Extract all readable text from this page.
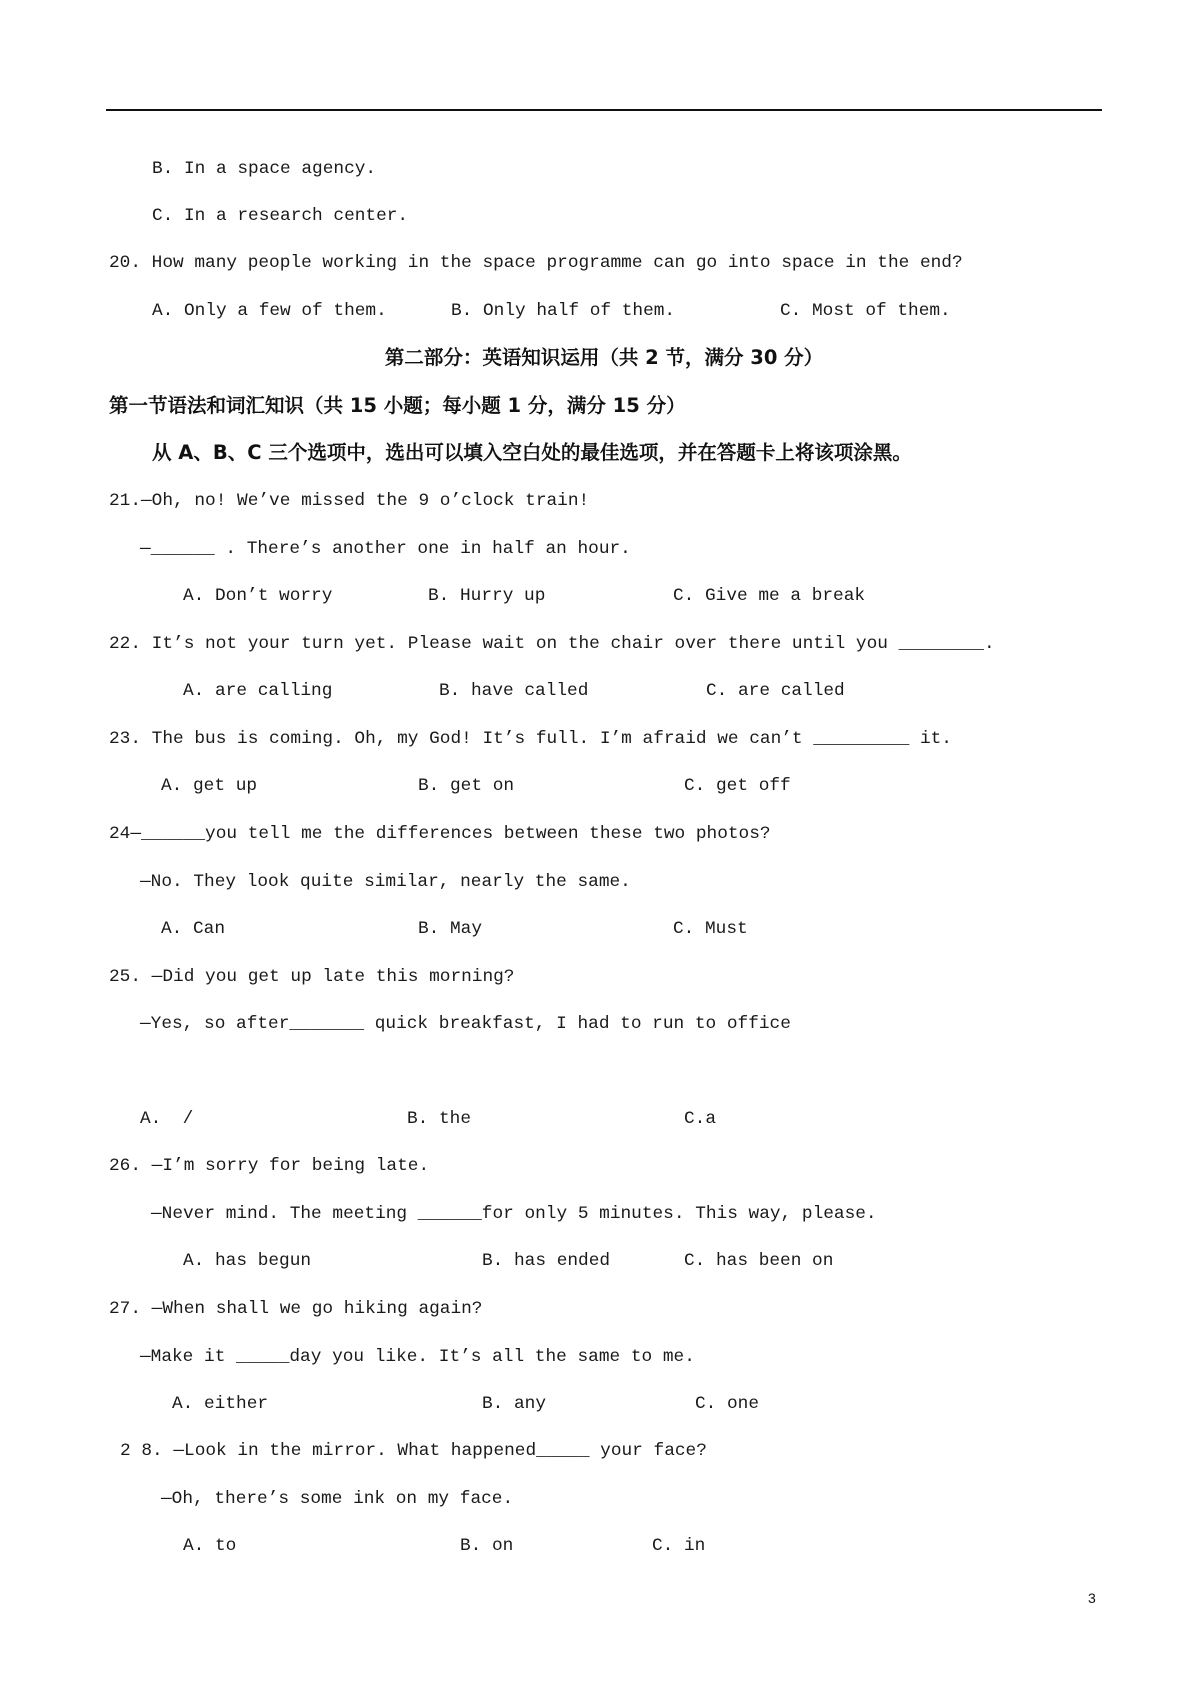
B. In a space agency.
C. In a research center.
20. How many people working in the space programme can go into space in the end?
A. Only a few of them.	B. Only half of them.	C. Most of them.
第二部分：英语知识运用（共 2 节，满分 30 分）
第一节语法和词汇知识（共 15 小题；每小题 1 分，满分 15 分）
从 A、B、C 三个选项中，选出可以填入空白处的最佳选项，并在答题卡上将该项涂黑。
21.—Oh, no! We’ve missed the 9 o’clock train!
—______ . There’s another one in half an hour.
A. Don’t worry	B. Hurry up	C. Give me a break
22. It’s not your turn yet. Please wait on the chair over there until you ________.
A. are calling	B. have called	C. are called
23. The bus is coming. Oh, my God! It’s full. I’m afraid we can’t _________ it.
A. get up	B. get on	C. get off
24—______you tell me the differences between these two photos?
—No. They look quite similar, nearly the same.
A. Can	B. May	C. Must
25. —Did you get up late this morning?
—Yes, so after_______ quick breakfast, I had to run to office
A.  /	B. the	C.a
26. —I’m sorry for being late.
—Never mind. The meeting ______for only 5 minutes. This way, please.
A. has begun	B. has ended	C. has been on
27. —When shall we go hiking again?
—Make it _____day you like. It’s all the same to me.
A. either	B. any	C. one
2 8. —Look in the mirror. What happened_____ your face?
—Oh, there’s some ink on my face.
A. to	B. on	C. in
3
